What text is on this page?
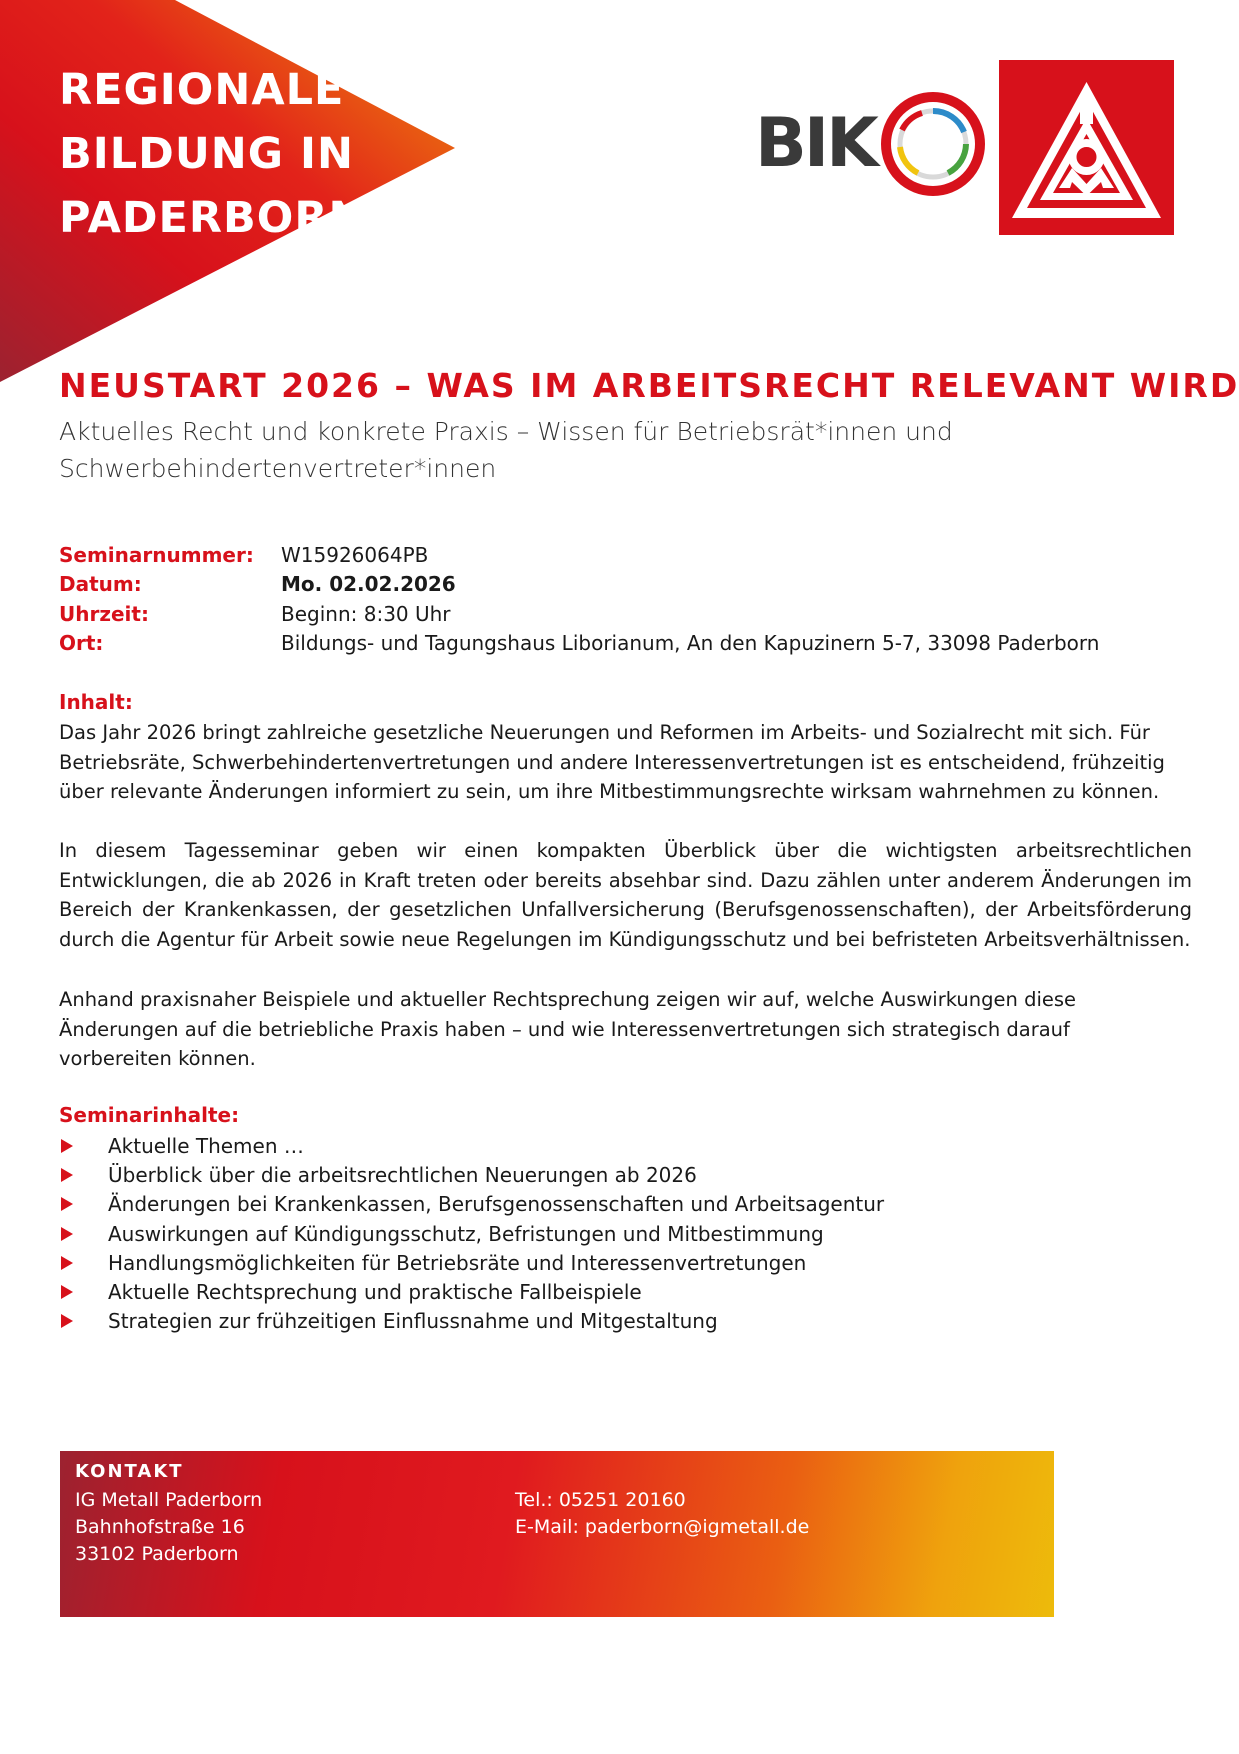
REGIONALE
BILDUNG IN
PADERBORN
BIK
NEUSTART 2026 – WAS IM ARBEITSRECHT RELEVANT WIRD
Aktuelles Recht und konkrete Praxis – Wissen für Betriebsrät*innen und
Schwerbehindertenvertreter*innen
Seminarnummer:	W15926064PB
Datum:	Mo. 02.02.2026
Uhrzeit:	Beginn: 8:30 Uhr
Ort:	Bildungs- und Tagungshaus Liborianum, An den Kapuzinern 5-7, 33098 Paderborn
Inhalt:
Das Jahr 2026 bringt zahlreiche gesetzliche Neuerungen und Reformen im Arbeits- und Sozialrecht mit sich. Für Betriebsräte, Schwerbehindertenvertretungen und andere Interessenvertretungen ist es entscheidend, frühzeitig über relevante Änderungen informiert zu sein, um ihre Mitbestimmungsrechte wirksam wahrnehmen zu können.
In diesem Tagesseminar geben wir einen kompakten Überblick über die wichtigsten arbeitsrechtlichen Entwicklungen, die ab 2026 in Kraft treten oder bereits absehbar sind. Dazu zählen unter anderem Änderungen im Bereich der Krankenkassen, der gesetzlichen Unfallversicherung (Berufsgenossenschaften), der Arbeitsförderung durch die Agentur für Arbeit sowie neue Regelungen im Kündigungsschutz und bei befristeten Arbeitsverhältnissen.
Anhand praxisnaher Beispiele und aktueller Rechtsprechung zeigen wir auf, welche Auswirkungen diese Änderungen auf die betriebliche Praxis haben – und wie Interessenvertretungen sich strategisch darauf vorbereiten können.
Seminarinhalte:
Aktuelle Themen …
Überblick über die arbeitsrechtlichen Neuerungen ab 2026
Änderungen bei Krankenkassen, Berufsgenossenschaften und Arbeitsagentur
Auswirkungen auf Kündigungsschutz, Befristungen und Mitbestimmung
Handlungsmöglichkeiten für Betriebsräte und Interessenvertretungen
Aktuelle Rechtsprechung und praktische Fallbeispiele
Strategien zur frühzeitigen Einflussnahme und Mitgestaltung
KONTAKT
IG Metall Paderborn
Bahnhofstraße 16
33102 Paderborn
Tel.: 05251 20160
E-Mail: paderborn@igmetall.de
